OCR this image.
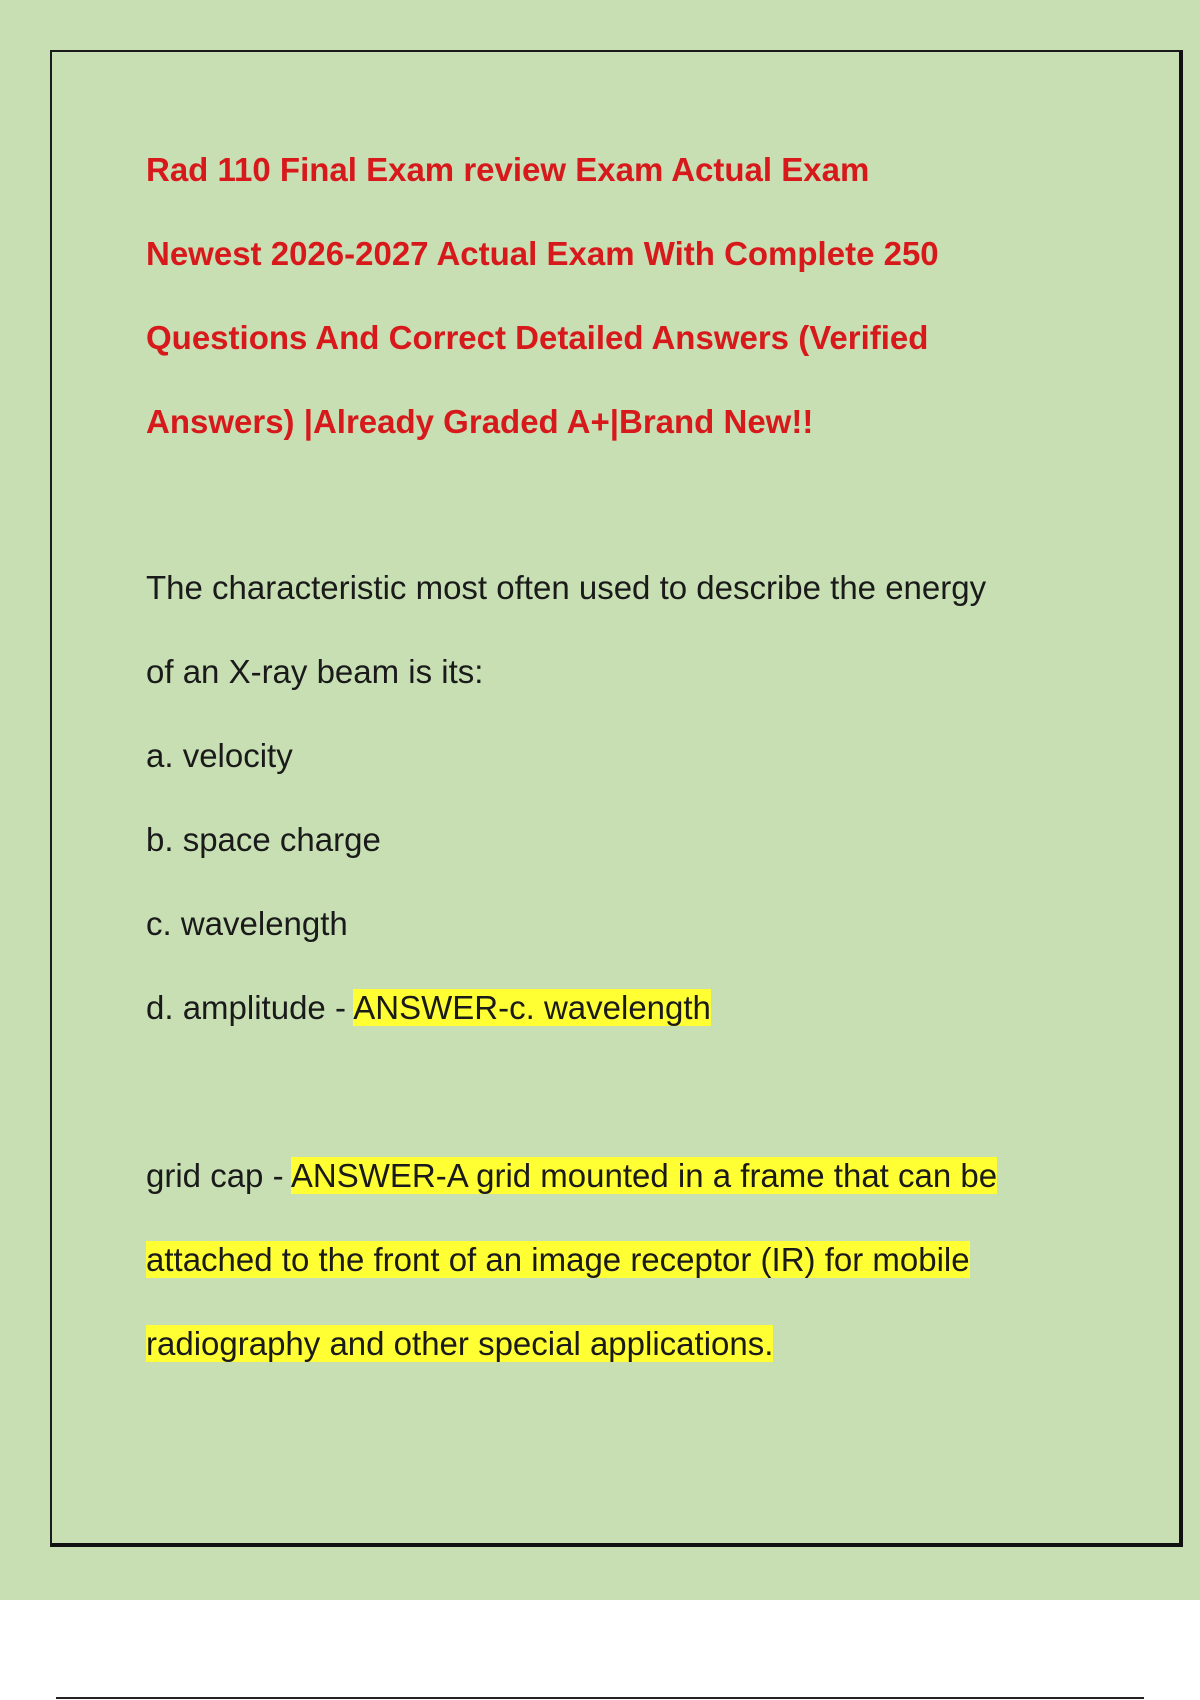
Rad 110 Final Exam review Exam Actual Exam

Newest 2026-2027 Actual Exam With Complete 250

Questions And Correct Detailed Answers (Verified

Answers) |Already Graded A+|Brand New!!

The characteristic most often used to describe the energy

of an X-ray beam is its:

a. velocity

b. space charge

c. wavelength

d. amplitude - ANSWER-c. wavelength

grid cap - ANSWER-A grid mounted in a frame that can be

attached to the front of an image receptor (IR) for mobile

radiography and other special applications.
